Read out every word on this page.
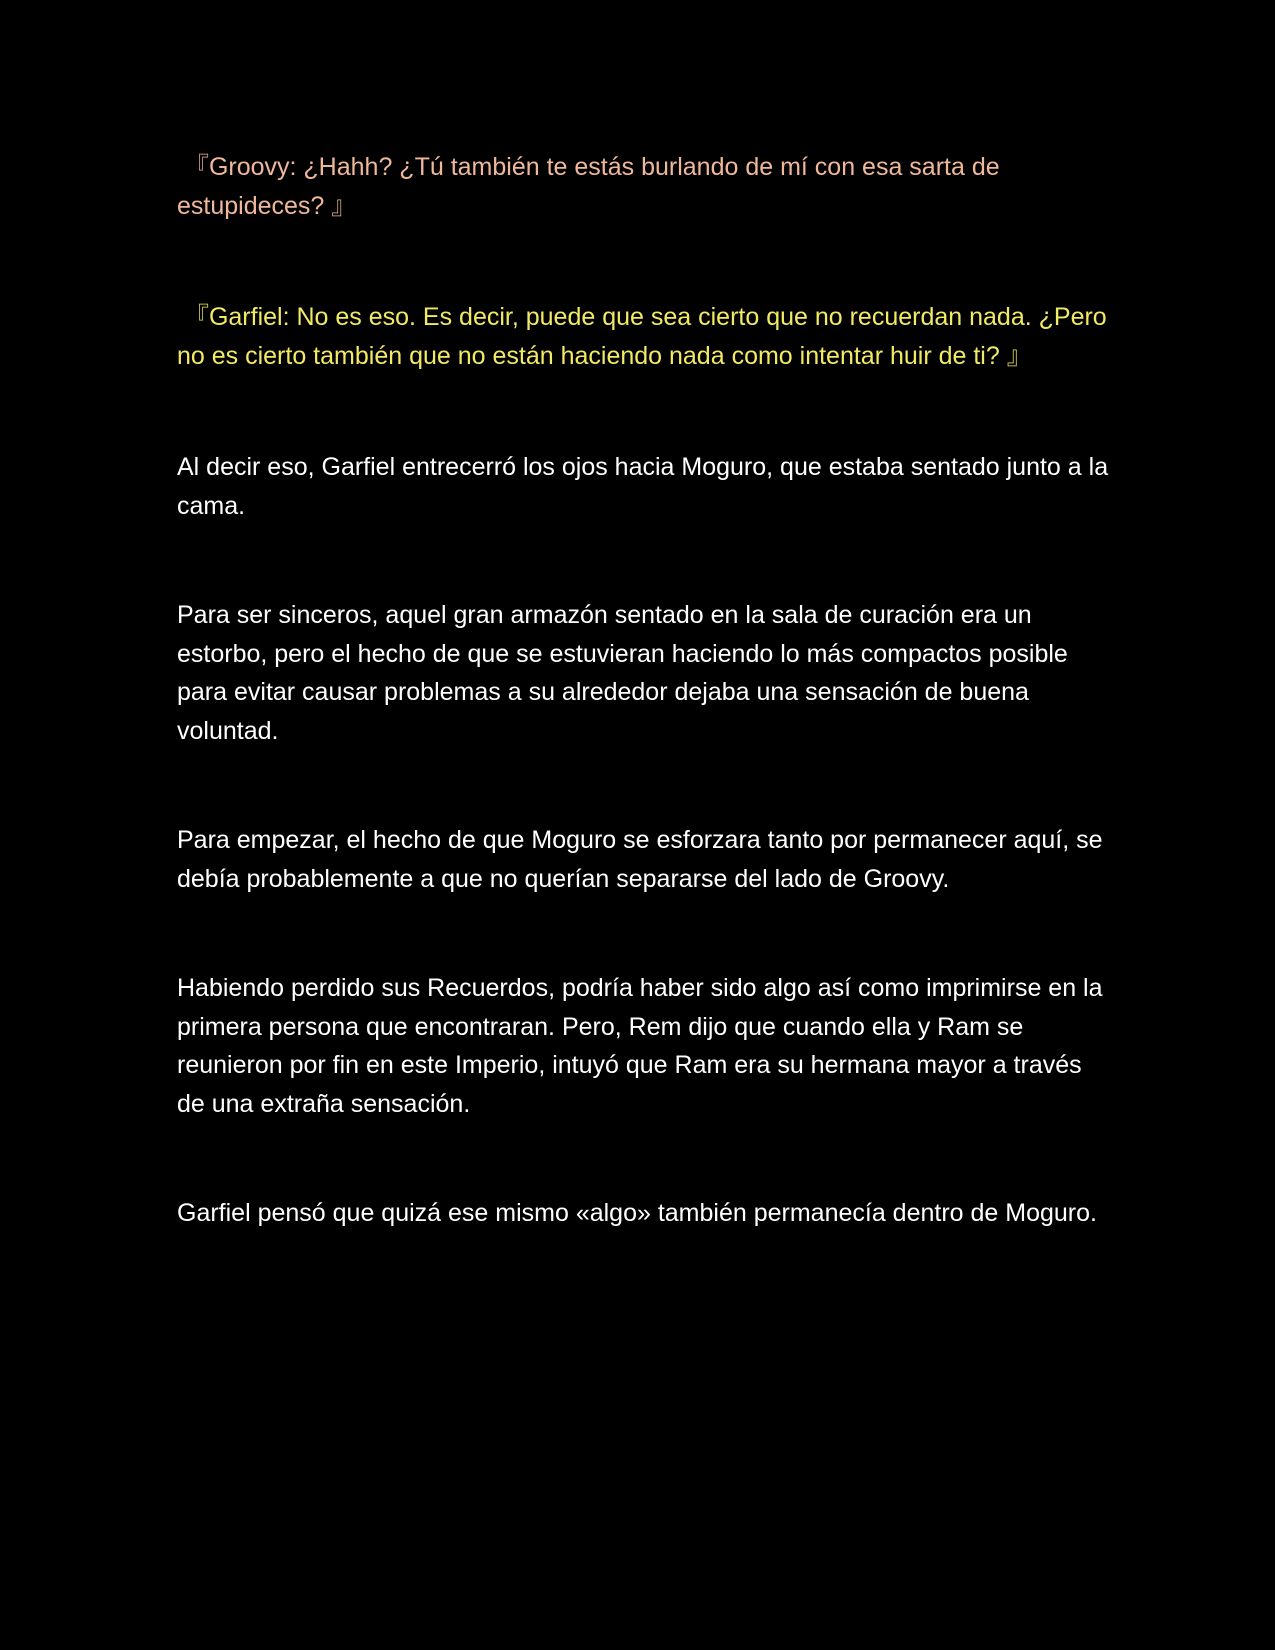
『Groovy: ¿Hahh? ¿Tú también te estás burlando de mí con esa sarta de estupideces? 』

『Garfiel: No es eso. Es decir, puede que sea cierto que no recuerdan nada. ¿Pero no es cierto también que no están haciendo nada como intentar huir de ti? 』

Al decir eso, Garfiel entrecerró los ojos hacia Moguro, que estaba sentado junto a la cama.

Para ser sinceros, aquel gran armazón sentado en la sala de curación era un estorbo, pero el hecho de que se estuvieran haciendo lo más compactos posible para evitar causar problemas a su alrededor dejaba una sensación de buena voluntad.

Para empezar, el hecho de que Moguro se esforzara tanto por permanecer aquí, se debía probablemente a que no querían separarse del lado de Groovy.

Habiendo perdido sus Recuerdos, podría haber sido algo así como imprimirse en la primera persona que encontraran. Pero, Rem dijo que cuando ella y Ram se reunieron por fin en este Imperio, intuyó que Ram era su hermana mayor a través de una extraña sensación.

Garfiel pensó que quizá ese mismo «algo» también permanecía dentro de Moguro.
